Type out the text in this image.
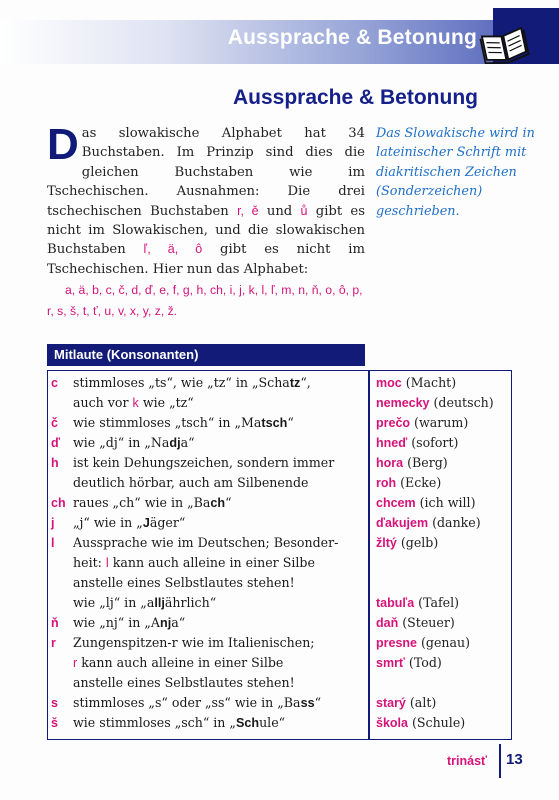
Aussprache & Betonung
Aussprache & Betonung
Das slowakische Alphabet hat 34 Buchstaben. Im Prinzip sind dies die gleichen Buchstaben wie im Tschechischen. Ausnahmen: Die drei tschechischen Buchstaben r, ě und ů gibt es nicht im Slowakischen, und die slowakischen Buchstaben ľ, ä, ô gibt es nicht im Tschechischen. Hier nun das Alphabet:
a, ä, b, c, č, d, ď, e, f, g, h, ch, i, j, k, l, ľ, m, n, ň, o, ô, p, r, s, š, t, ť, u, v, x, y, z, ž.
Das Slowakische wird in lateinischer Schrift mit diakritischen Zeichen (Sonderzeichen) geschrieben.
Mitlaute (Konsonanten)
c stimmloses „ts“, wie „tz“ in „Schatz“,	moc (Macht)
auch vor k wie „tz“	nemecky (deutsch)
č wie stimmloses „tsch“ in „Matsch“	prečo (warum)
ď wie „dj“ in „Nadja“	hneď (sofort)
h ist kein Dehungszeichen, sondern immer	hora (Berg)
deutlich hörbar, auch am Silbenende	roh (Ecke)
ch raues „ch“ wie in „Bach“	chcem (ich will)
j „j“ wie in „Jäger“	ďakujem (danke)
l Aussprache wie im Deutschen; Besonder-	žltý (gelb)
heit: l kann auch alleine in einer Silbe
anstelle eines Selbstlautes stehen!
wie „lj“ in „alljährlich“	tabuľa (Tafel)
ň wie „nj“ in „Anja“	daň (Steuer)
r Zungenspitzen-r wie im Italienischen;	presne (genau)
r kann auch alleine in einer Silbe	smrť (Tod)
anstelle eines Selbstlautes stehen!
s stimmloses „s“ oder „ss“ wie in „Bass“	starý (alt)
š wie stimmloses „sch“ in „Schule“	škola (Schule)
trinásť 13
